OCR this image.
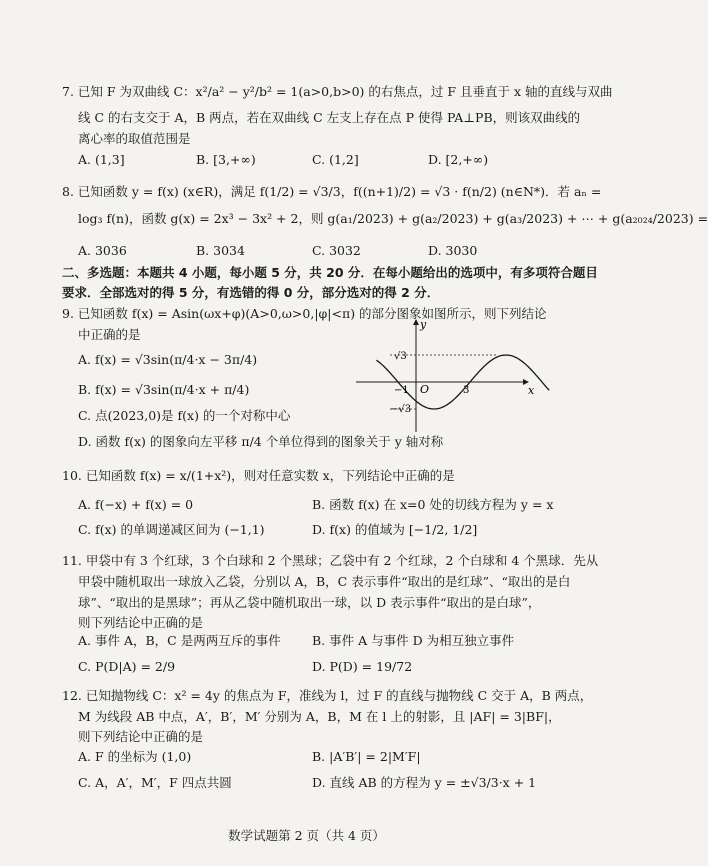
7. 已知 F 为双曲线 C：x²/a² − y²/b² = 1(a>0,b>0) 的右焦点，过 F 且垂直于 x 轴的直线与双曲
线 C 的右支交于 A，B 两点，若在双曲线 C 左支上存在点 P 使得 PA⊥PB，则该双曲线的
离心率的取值范围是
A. (1,3]	B. [3,+∞)	C. (1,2]	D. [2,+∞)
8. 已知函数 y = f(x) (x∈R)，满足 f(1/2) = √3/3，f((n+1)/2) = √3 · f(n/2) (n∈N*)．若 aₙ =
log₃ f(n)，函数 g(x) = 2x³ − 3x² + 2，则 g(a₁/2023) + g(a₂/2023) + g(a₃/2023) + ⋯ + g(a₂₀₂₄/2023) =
A. 3036	B. 3034	C. 3032	D. 3030
二、多选题：本题共 4 小题，每小题 5 分，共 20 分．在每小题给出的选项中，有多项符合题目
要求．全部选对的得 5 分，有选错的得 0 分，部分选对的得 2 分．
9. 已知函数 f(x) = Asin(ωx+φ)(A>0,ω>0,|φ|<π) 的部分图象如图所示，则下列结论
中正确的是
A. f(x) = √3sin(π/4·x − 3π/4)
B. f(x) = √3sin(π/4·x + π/4)
C. 点(2023,0)是 f(x) 的一个对称中心
D. 函数 f(x) 的图象向左平移 π/4 个单位得到的图象关于 y 轴对称
y
x
O
√3
−√3
−1	3
10. 已知函数 f(x) = x/(1+x²)，则对任意实数 x，下列结论中正确的是
A. f(−x) + f(x) = 0	B. 函数 f(x) 在 x=0 处的切线方程为 y = x
C. f(x) 的单调递减区间为 (−1,1)	D. f(x) 的值域为 [−1/2, 1/2]
11. 甲袋中有 3 个红球，3 个白球和 2 个黑球；乙袋中有 2 个红球，2 个白球和 4 个黑球．先从
甲袋中随机取出一球放入乙袋，分别以 A，B，C 表示事件“取出的是红球”、“取出的是白
球”、“取出的是黑球”；再从乙袋中随机取出一球，以 D 表示事件“取出的是白球”，
则下列结论中正确的是
A. 事件 A，B，C 是两两互斥的事件	B. 事件 A 与事件 D 为相互独立事件
C. P(D|A) = 2/9	D. P(D) = 19/72
12. 已知抛物线 C：x² = 4y 的焦点为 F，准线为 l，过 F 的直线与抛物线 C 交于 A，B 两点，
M 为线段 AB 中点，A′，B′，M′ 分别为 A，B，M 在 l 上的射影，且 |AF| = 3|BF|，
则下列结论中正确的是
A. F 的坐标为 (1,0)	B. |A′B′| = 2|M′F|
C. A，A′，M′，F 四点共圆	D. 直线 AB 的方程为 y = ±√3/3·x + 1
数学试题第 2 页（共 4 页）
